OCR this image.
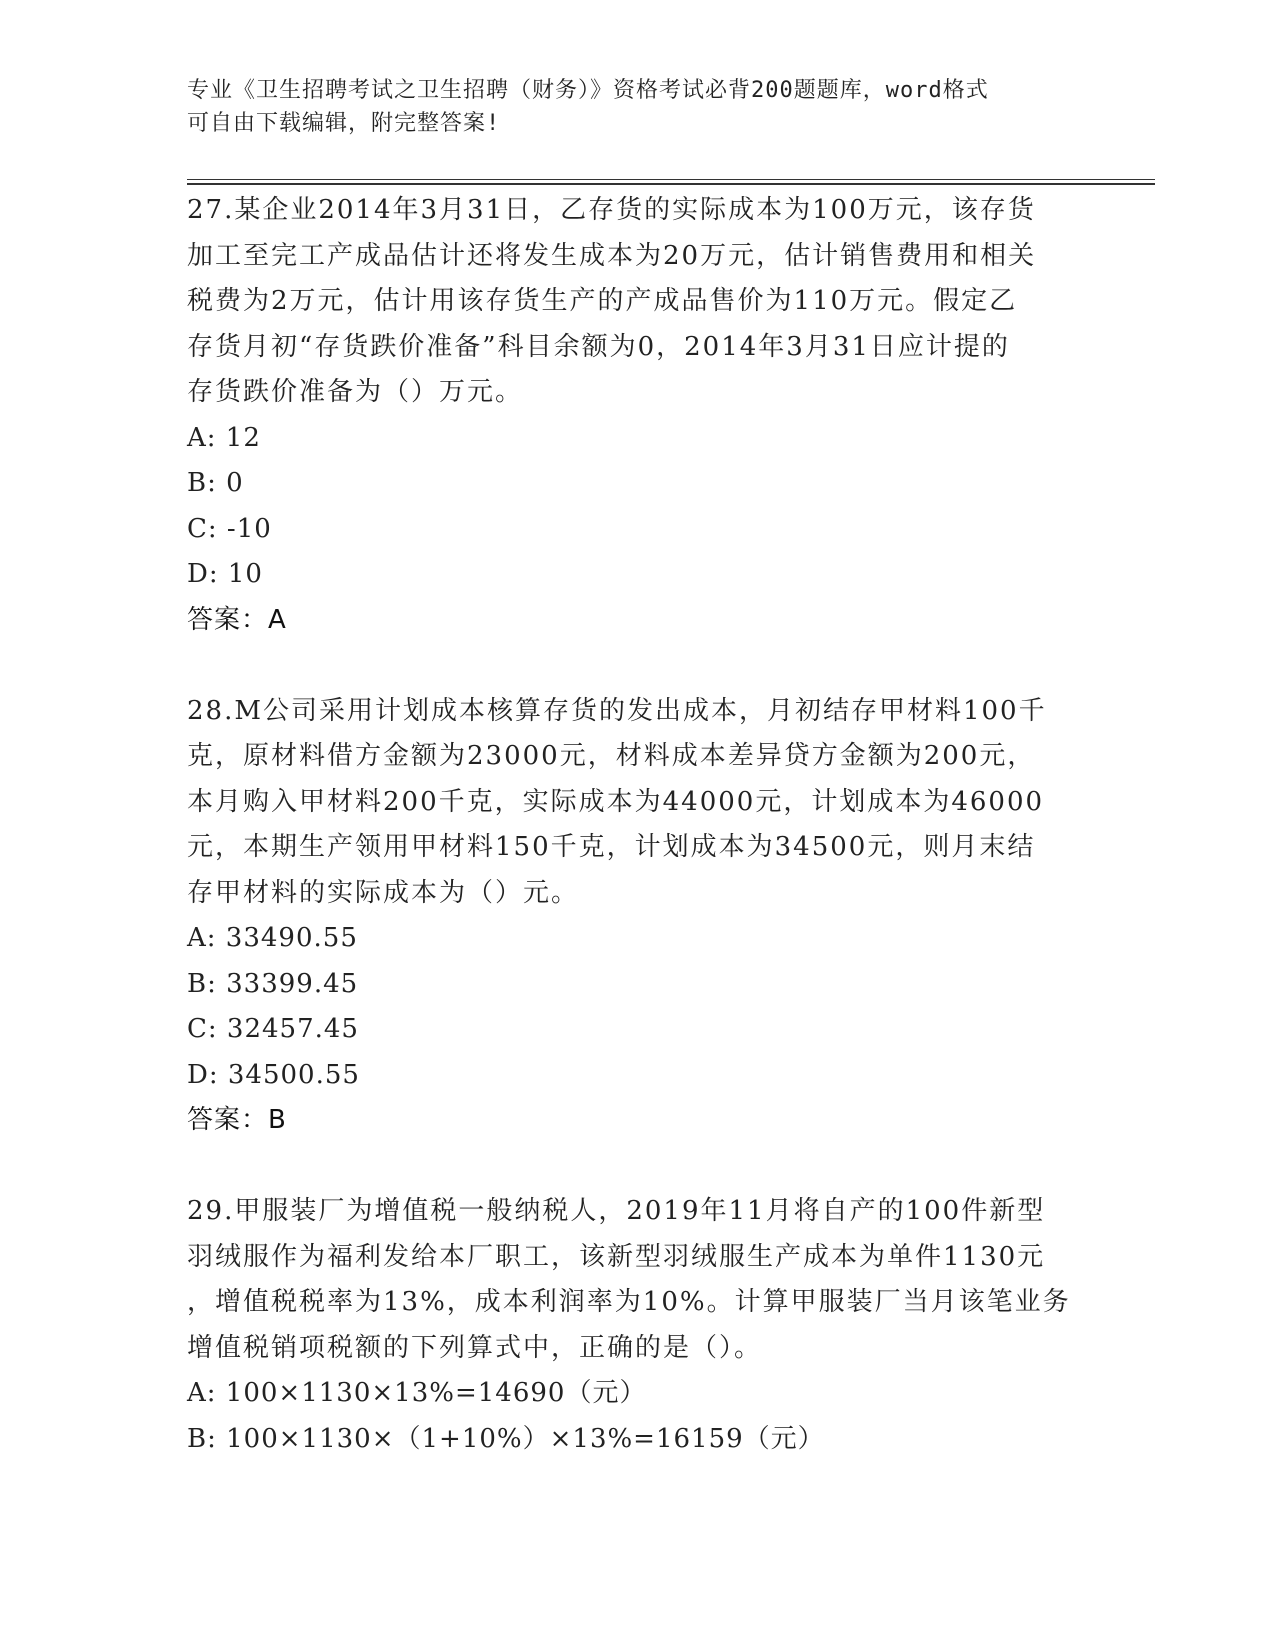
专业《卫生招聘考试之卫生招聘（财务）》资格考试必背200题题库，word格式
可自由下载编辑，附完整答案!
27.某企业2014年3月31日，乙存货的实际成本为100万元，该存货
加工至完工产成品估计还将发生成本为20万元，估计销售费用和相关
税费为2万元，估计用该存货生产的产成品售价为110万元。假定乙
存货月初“存货跌价准备”科目余额为0，2014年3月31日应计提的
存货跌价准备为（）万元。
A: 12
B: 0
C: -10
D: 10
答案：A
28.M公司采用计划成本核算存货的发出成本，月初结存甲材料100千
克，原材料借方金额为23000元，材料成本差异贷方金额为200元，
本月购入甲材料200千克，实际成本为44000元，计划成本为46000
元，本期生产领用甲材料150千克，计划成本为34500元，则月末结
存甲材料的实际成本为（）元。
A: 33490.55
B: 33399.45
C: 32457.45
D: 34500.55
答案：B
29.甲服装厂为增值税一般纳税人，2019年11月将自产的100件新型
羽绒服作为福利发给本厂职工，该新型羽绒服生产成本为单件1130元
，增值税税率为13%，成本利润率为10%。计算甲服装厂当月该笔业务
增值税销项税额的下列算式中，正确的是（）。
A: 100×1130×13%=14690（元）
B: 100×1130×（1+10%）×13%=16159（元）
